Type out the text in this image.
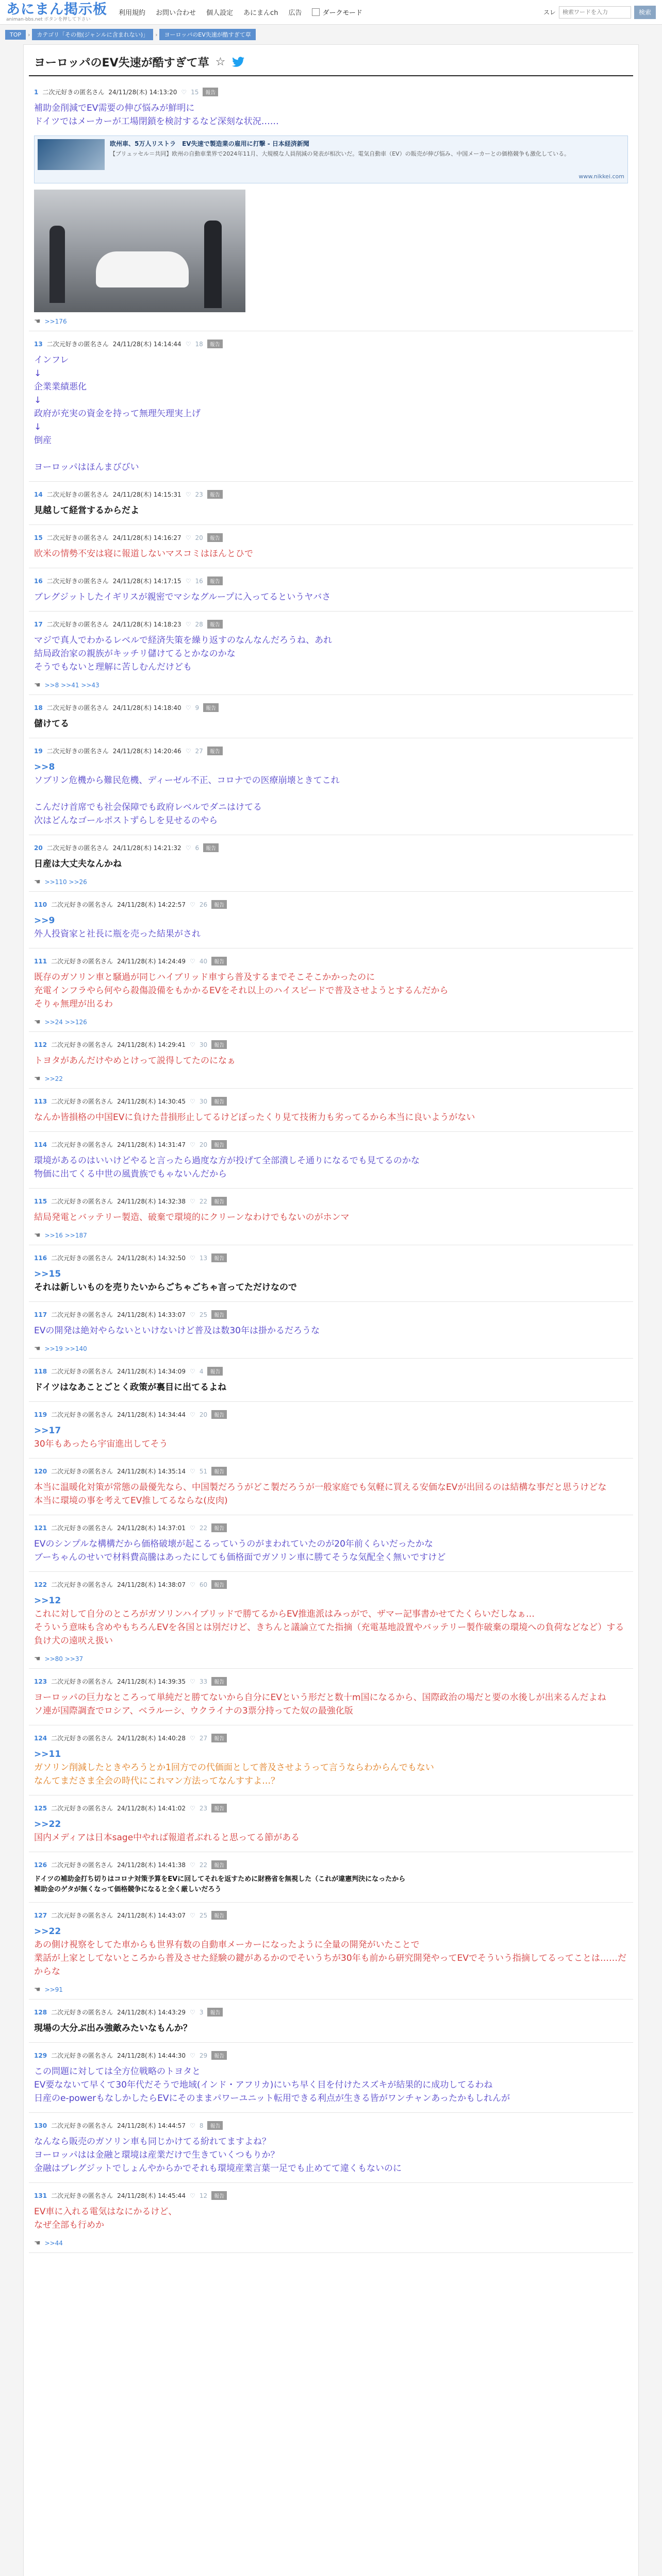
あにまん掲示板
animan-bbs.net ボタンを押して下さい
利用規約 お問い合わせ 個人設定 あにまんch 広告	ダークモード	スレ
検索ワードを入力	検索
TOP	›	カテゴリ「その他(ジャンルに含まれない)」	›	ヨーロッパのEV失速が酷すぎて草
ヨーロッパのEV失速が酷すぎて草 ☆
1 二次元好きの匿名さん 24/11/28(木) 14:13:20 ♡ 15	報告
補助金削減でEV需要の伸び悩みが鮮明に
ドイツではメーカーが工場閉鎖を検討するなど深刻な状況……
欧州車、5万人リストラ　EV失速で製造業の雇用に打撃 - 日本経済新聞
【ブリュッセル＝共同】欧州の自動車業界で2024年11月、大規模な人員削減の発表が相次いだ。電気自動車（EV）の販売が伸び悩み、中国メーカーとの価格競争も激化している。
www.nikkei.com
☚ >>176
13 二次元好きの匿名さん 24/11/28(木) 14:14:44 ♡ 18	報告
インフレ
↓
企業業績悪化
↓
政府が充実の資金を持って無理矢理実上げ
↓
倒産
ヨーロッパはほんまびびい
14 二次元好きの匿名さん 24/11/28(木) 14:15:31 ♡ 23	報告
見越して経営するからだよ
15 二次元好きの匿名さん 24/11/28(木) 14:16:27 ♡ 20	報告
欧米の情勢不安は寝に報道しないマスコミはほんとひで
16 二次元好きの匿名さん 24/11/28(木) 14:17:15 ♡ 16	報告
ブレグジットしたイギリスが親密でマシなグループに入ってるというヤバさ
17 二次元好きの匿名さん 24/11/28(木) 14:18:23 ♡ 28	報告
マジで真人でわかるレベルで経済失策を繰り返すのなんなんだろうね、あれ
結局政治家の親族がキッチリ儲けてるとかなのかな
そうでもないと理解に苦しむんだけども
☚ >>8 >>41 >>43
18 二次元好きの匿名さん 24/11/28(木) 14:18:40 ♡ 9	報告
儲けてる
19 二次元好きの匿名さん 24/11/28(木) 14:20:46 ♡ 27	報告
>>8
ソブリン危機から難民危機、ディーゼル不正、コロナでの医療崩壊ときてこれ
こんだけ首席でも社会保障でも政府レベルでダニはけてる
次はどんなゴールポストずらしを見せるのやら
20 二次元好きの匿名さん 24/11/28(木) 14:21:32 ♡ 6	報告
日産は大丈夫なんかね
☚ >>110 >>26
110 二次元好きの匿名さん 24/11/28(木) 14:22:57 ♡ 26	報告
>>9
外人投資家と社長に瓶を売った結果がされ
111 二次元好きの匿名さん 24/11/28(木) 14:24:49 ♡ 40	報告
既存のガソリン車と騒過が同じハイブリッド車すら普及するまでそこそこかかったのに
充電インフラやら何やら殺傷設備をもかかるEVをそれ以上のハイスピードで普及させようとするんだから
そりゃ無理が出るわ
☚ >>24 >>126
112 二次元好きの匿名さん 24/11/28(木) 14:29:41 ♡ 30	報告
トヨタがあんだけやめとけって説得してたのになぁ
☚ >>22
113 二次元好きの匿名さん 24/11/28(木) 14:30:45 ♡ 30	報告
なんか皆損格の中国EVに負けた昔損形止してるけどぼったくり見て技術力も劣ってるから本当に良いようがない
114 二次元好きの匿名さん 24/11/28(木) 14:31:47 ♡ 20	報告
環境があるのはいいけどやると言ったら過度な方が投げて全部潰しそ通りになるでも見てるのかな
物価に出てくる中世の風貴族でもゃないんだから
115 二次元好きの匿名さん 24/11/28(木) 14:32:38 ♡ 22	報告
結局発電とバッテリー製造、破棄で環境的にクリーンなわけでもないのがホンマ
☚ >>16 >>187
116 二次元好きの匿名さん 24/11/28(木) 14:32:50 ♡ 13	報告
>>15
それは新しいものを売りたいからごちゃごちゃ言ってただけなので
117 二次元好きの匿名さん 24/11/28(木) 14:33:07 ♡ 25	報告
EVの開発は絶対やらないといけないけど普及は数30年は掛かるだろうな
☚ >>19 >>140
118 二次元好きの匿名さん 24/11/28(木) 14:34:09 ♡ 4	報告
ドイツはなあことごとく政策が裏目に出てるよね
119 二次元好きの匿名さん 24/11/28(木) 14:34:44 ♡ 20	報告
>>17
30年もあったら宇宙進出してそう
120 二次元好きの匿名さん 24/11/28(木) 14:35:14 ♡ 51	報告
本当に温暖化対策が常態の最優先なら、中国製だろうがどこ製だろうが一般家庭でも気軽に買える安価なEVが出回るのは結構な事だと思うけどな
本当に環境の事を考えてEV推してるならな(皮肉)
121 二次元好きの匿名さん 24/11/28(木) 14:37:01 ♡ 22	報告
EVのシンプルな構構だから価格破壊が起こるっていうのがまわれていたのが20年前くらいだったかな
ブーちゃんのせいで材料費高騰はあったにしても価格面でガソリン車に勝てそうな気配全く無いですけど
122 二次元好きの匿名さん 24/11/28(木) 14:38:07 ♡ 60	報告
>>12
これに対して自分のところがガソリンハイブリッドで勝てるからEV推進派はみっがで、ザマー記事書かせてたくらいだしなぁ…
そういう意味も含めやもちろんEVを各国とは別だけど、きちんと議論立てた指摘（充電基地設置やバッテリー製作破棄の環境への負荷などなど）する負け犬の遠吠え扱い
☚ >>80 >>37
123 二次元好きの匿名さん 24/11/28(木) 14:39:35 ♡ 33	報告
ヨーロッパの巨力なところって単純だと勝てないから自分にEVという形だと数十m国になるから、国際政治の場だと要の水後しが出来るんだよね
ソ連が国際調査でロシア、ベラルーシ、ウクライナの3票分持ってた奴の最強化版
124 二次元好きの匿名さん 24/11/28(木) 14:40:28 ♡ 27	報告
>>11
ガソリン削減したときやろうとか1回方での代価面として普及させようって言うならわからんでもない
なんてまださま全会の時代にこれマン方法ってなんすすよ…？
125 二次元好きの匿名さん 24/11/28(木) 14:41:02 ♡ 23	報告
>>22
国内メディアは日本sage中やれば報道者ぶれると思ってる節がある
126 二次元好きの匿名さん 24/11/28(木) 14:41:38 ♡ 22	報告
ドイツの補助金打ち切りはコロナ対策予算をEVに回してそれを返すために財務省を無視した（これが違憲判決になったから
補助金のゲタが無くなって価格競争になると全く厳しいだろう
127 二次元好きの匿名さん 24/11/28(木) 14:43:07 ♡ 25	報告
>>22
あの側け視察をしてた車からも世界有数の自動車メーカーになったように全量の開発がいたことで
業話が上家としてないところから普及させた経験の鍵があるかのでそいうちが30年も前から研究開発やってEVでそういう指摘してるってことは……だからな
☚ >>91
128 二次元好きの匿名さん 24/11/28(木) 14:43:29 ♡ 3	報告
現場の大分ぶ出み強敵みたいなもんか？
129 二次元好きの匿名さん 24/11/28(木) 14:44:30 ♡ 29	報告
この問題に対しては全方位戦略のトヨタと
EV要なないて早くて30年代だそうで地域(インド・アフリカ)にいち早く目を付けたスズキが結果的に成功してるわね
日産のe-powerもなしかしたらEVにそのままパワーユニット転用できる利点が生きる皆がワンチャンあったかもしれんが
130 二次元好きの匿名さん 24/11/28(木) 14:44:57 ♡ 8	報告
なんなら販売のガソリン車も同じかけてる紛れてますよね？
ヨーロッパはは金融と環境は産業だけで生きていくつもりか？
金融はブレグジットでしょんやからかでそれも環境産業言葉一足でも止めてて違くもないのに
131 二次元好きの匿名さん 24/11/28(木) 14:45:44 ♡ 12	報告
EV車に入れる電気はなにかるけど、
なぜ全部も行めか
☚ >>44
